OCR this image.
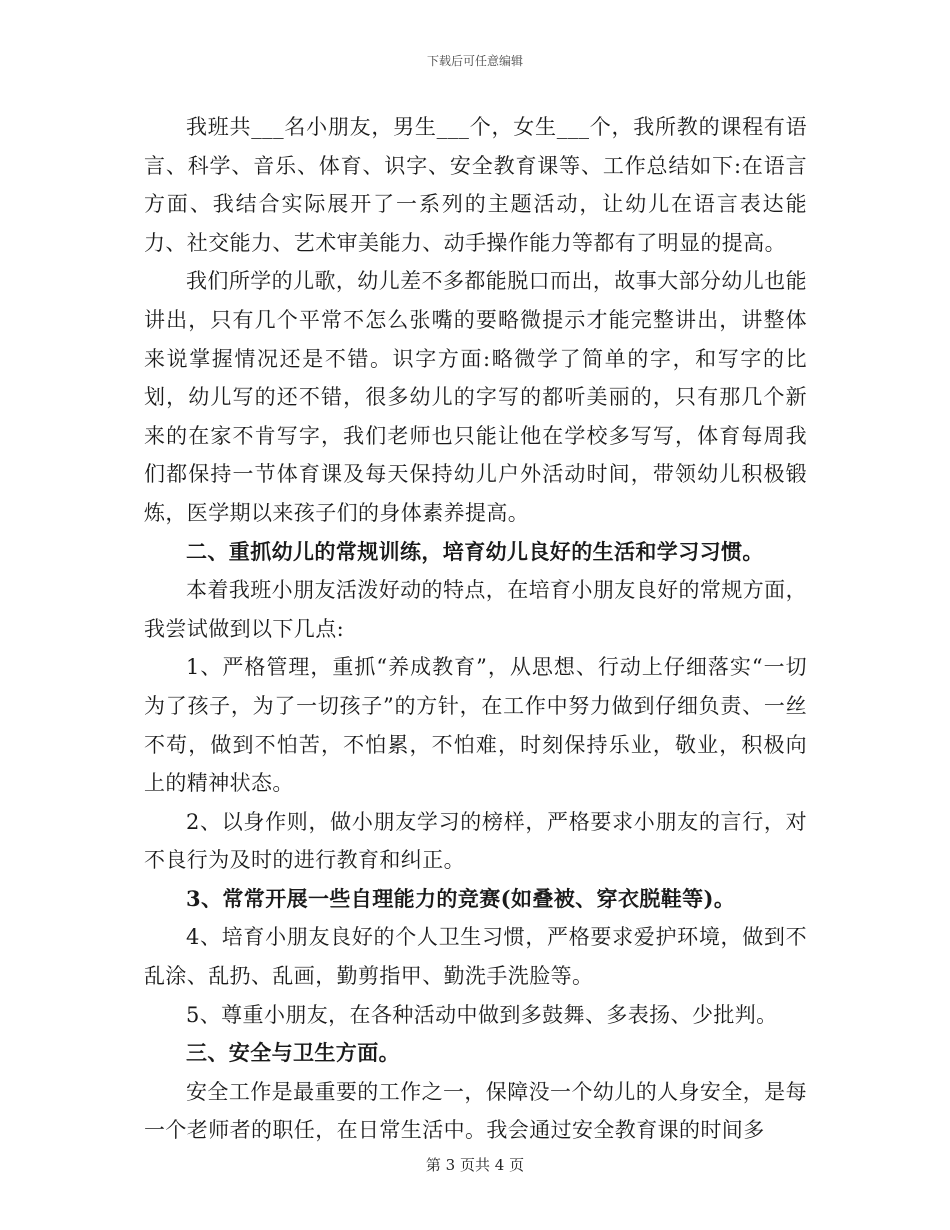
下载后可任意编辑

我班共___名小朋友，男生___个，女生___个，我所教的课程有语言、科学、音乐、体育、识字、安全教育课等、工作总结如下:在语言方面、我结合实际展开了一系列的主题活动，让幼儿在语言表达能力、社交能力、艺术审美能力、动手操作能力等都有了明显的提高。

我们所学的儿歌，幼儿差不多都能脱口而出，故事大部分幼儿也能讲出，只有几个平常不怎么张嘴的要略微提示才能完整讲出，讲整体来说掌握情况还是不错。识字方面:略微学了简单的字，和写字的比划，幼儿写的还不错，很多幼儿的字写的都听美丽的，只有那几个新来的在家不肯写字，我们老师也只能让他在学校多写写，体育每周我们都保持一节体育课及每天保持幼儿户外活动时间，带领幼儿积极锻炼，医学期以来孩子们的身体素养提高。

二、重抓幼儿的常规训练，培育幼儿良好的生活和学习习惯。

本着我班小朋友活泼好动的特点，在培育小朋友良好的常规方面，我尝试做到以下几点:

1、严格管理，重抓“养成教育”，从思想、行动上仔细落实“一切为了孩子，为了一切孩子”的方针，在工作中努力做到仔细负责、一丝不苟，做到不怕苦，不怕累，不怕难，时刻保持乐业，敬业，积极向上的精神状态。

2、以身作则，做小朋友学习的榜样，严格要求小朋友的言行，对不良行为及时的进行教育和纠正。

3、常常开展一些自理能力的竞赛(如叠被、穿衣脱鞋等)。

4、培育小朋友良好的个人卫生习惯，严格要求爱护环境，做到不乱涂、乱扔、乱画，勤剪指甲、勤洗手洗脸等。

5、尊重小朋友，在各种活动中做到多鼓舞、多表扬、少批判。

三、安全与卫生方面。

安全工作是最重要的工作之一，保障没一个幼儿的人身安全，是每一个老师者的职任，在日常生活中。我会通过安全教育课的时间多

第 3 页共 4 页
